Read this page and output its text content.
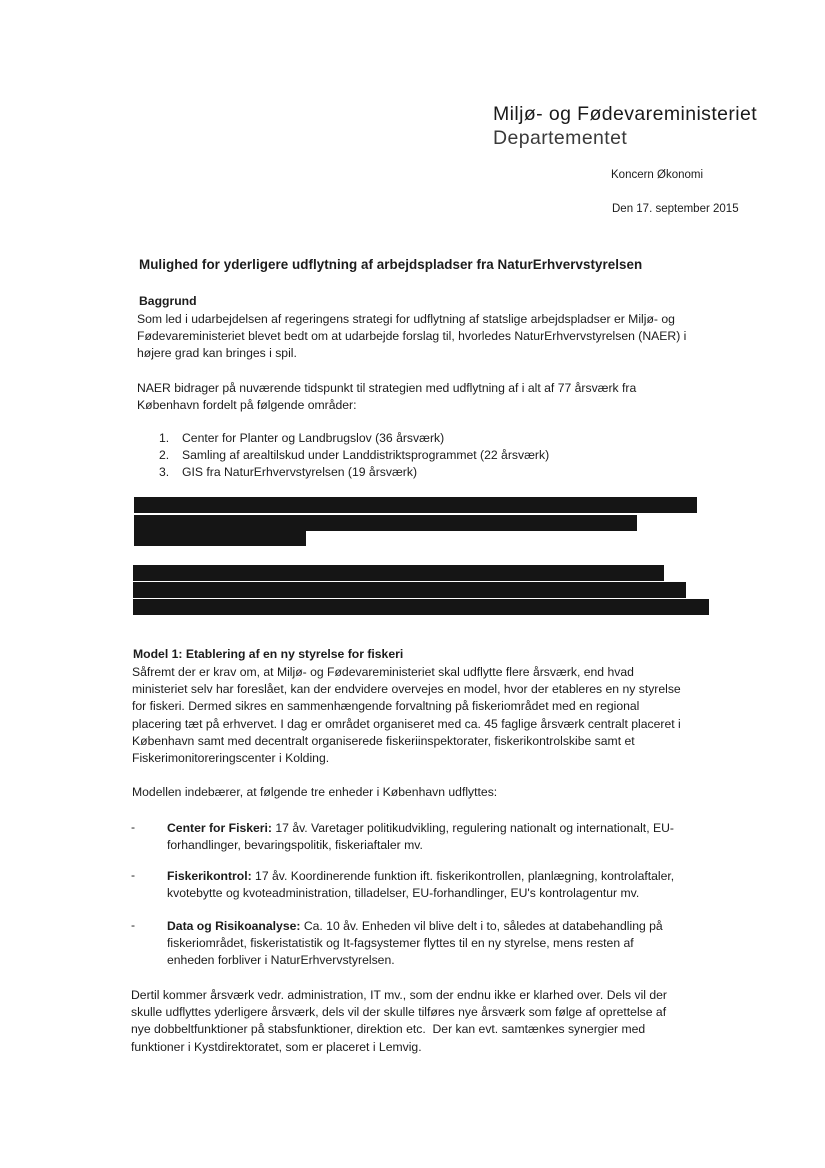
Miljø- og Fødevareministeriet
Departementet
Koncern Økonomi
Den 17. september 2015
Mulighed for yderligere udflytning af arbejdspladser fra NaturErhvervstyrelsen
Baggrund
Som led i udarbejdelsen af regeringens strategi for udflytning af statslige arbejdspladser er Miljø- og
Fødevareministeriet blevet bedt om at udarbejde forslag til, hvorledes NaturErhvervstyrelsen (NAER) i
højere grad kan bringes i spil.
NAER bidrager på nuværende tidspunkt til strategien med udflytning af i alt af 77 årsværk fra
København fordelt på følgende områder:
1. Center for Planter og Landbrugslov (36 årsværk)
2. Samling af arealtilskud under Landdistriktsprogrammet (22 årsværk)
3. GIS fra NaturErhvervstyrelsen (19 årsværk)
Model 1: Etablering af en ny styrelse for fiskeri
Såfremt der er krav om, at Miljø- og Fødevareministeriet skal udflytte flere årsværk, end hvad
ministeriet selv har foreslået, kan der endvidere overvejes en model, hvor der etableres en ny styrelse
for fiskeri. Dermed sikres en sammenhængende forvaltning på fiskeriområdet med en regional
placering tæt på erhvervet. I dag er området organiseret med ca. 45 faglige årsværk centralt placeret i
København samt med decentralt organiserede fiskeriinspektorater, fiskerikontrolskibe samt et
Fiskerimonitoreringscenter i Kolding.
Modellen indebærer, at følgende tre enheder i København udflyttes:
-	Center for Fiskeri: 17 åv. Varetager politikudvikling, regulering nationalt og internationalt, EU-
forhandlinger, bevaringspolitik, fiskeriaftaler mv.
-	Fiskerikontrol: 17 åv. Koordinerende funktion ift. fiskerikontrollen, planlægning, kontrolaftaler,
kvotebytte og kvoteadministration, tilladelser, EU-forhandlinger, EU's kontrolagentur mv.
-	Data og Risikoanalyse: Ca. 10 åv. Enheden vil blive delt i to, således at databehandling på
fiskeriområdet, fiskeristatistik og It-fagsystemer flyttes til en ny styrelse, mens resten af
enheden forbliver i NaturErhvervstyrelsen.
Dertil kommer årsværk vedr. administration, IT mv., som der endnu ikke er klarhed over. Dels vil der
skulle udflyttes yderligere årsværk, dels vil der skulle tilføres nye årsværk som følge af oprettelse af
nye dobbeltfunktioner på stabsfunktioner, direktion etc.  Der kan evt. samtænkes synergier med
funktioner i Kystdirektoratet, som er placeret i Lemvig.
